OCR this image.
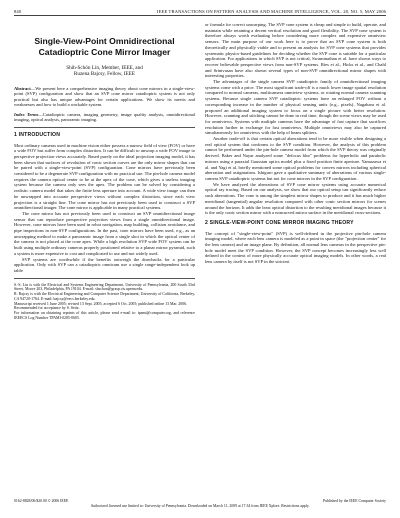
840	IEEE TRANSACTIONS ON PATTERN ANALYSIS AND MACHINE INTELLIGENCE, VOL. 28, NO. 5, MAY 2006
Single-View-Point Omnidirectional Catadioptric Cone Mirror Imager
Shih-Schön Lin, Member, IEEE, and
Ruzena Bajcsy, Fellow, IEEE

Abstract—We present here a comprehensive imaging theory about cone mirrors in a single-view-point (SVP) configuration and show that an SVP cone mirror catadioptric system is not only practical but also has unique advantages for certain applications. We show its merits and weaknesses and how to build a workable system.

Index Terms—Catadioptric camera, imaging geometry, image quality analysis, omnidirectional imaging, optical analysis, panoramic imaging.

1 INTRODUCTION

Most ordinary cameras used in machine vision either possess a narrow field of view (FOV) or have a wide FOV but suffer from complex distortion. It can be difficult to unwrap a wide FOV image to perspective projection views accurately. Based purely on the ideal projection imaging model, it has been shown that surfaces of revolution of conic section curves are the only mirror shapes that can be paired with a single-view-point (SVP) configuration. Cone mirrors have previously been considered to be a degenerate SVP configuration with no practical use. The pin-hole camera model requires the camera optical center to be at the apex of the cone, which gives a useless imaging system because the camera only sees the apex. The problem can be solved by considering a realistic camera model that takes the finite lens aperture into account. A wide view image can then be unwrapped into accurate perspective views without complex distortion, since each view projection is a straight line. The cone mirror has not previously been used to construct a SVP omnidirectional imager. The cone mirror is applicable in many practical systems.

The cone mirror has not previously been used to construct an SVP omnidirectional image sensor that can reproduce perspective projection views from a single omnidirectional image. However, cone mirrors have been used in robot navigation, map building, collision avoidance, and pipe inspections in non-SVP configurations. In the past, cone mirrors have been used, e.g., as an unwrapping method to make a panoramic image from a single shot in which the optical center of the camera is not placed at the cone apex. While a high resolution SVP wide FOV system can be built using multiple ordinary cameras properly positioned relative to a planar mirror pyramid, such a system is more expensive to cost and complicated to use and not widely used.

SVP systems are worthwhile if the benefits outweigh the drawbacks for a particular application. Only with SVP can a catadioptric omnicam use a single range-independent look up table

S.-S. Lin is with the Electrical and Systems Engineering Department, University of Pennsylvania, 200 South 33rd Street, Moore 203, Philadelphia, PA 19104. E-mail: shschon@grasp.cis.upenn.edu.
R. Bajcsy is with the Electrical Engineering and Computer Science Department, University of California, Berkeley, CA 94720-1764. E-mail: bajcsy@eecs.berkeley.edu.
Manuscript received 1 June 2005; revised 13 Sept. 2005; accepted 6 Oct. 2005; published online 13 Mar. 2006.
Recommended for acceptance by S. Seitz.
For information on obtaining reprints of this article, please send e-mail to: tpami@computer.org, and reference IEEECS Log Number TPAMI-0285-0605.

or formula for correct unwarping. The SVP cone system is cheap and simple to build, operate, and maintain while retaining a decent vertical resolution and good flexibility. The SVP cone system is therefore always worth evaluating before considering more complex and expensive omniview sensors. The main purpose of our work here is to prove that an SVP cone system is both theoretically and physically viable and to present an analysis for SVP cone systems that provides systematic physics-based guidelines for deciding whether the SVP cone is suitable for a particular application. For applications in which SVP is not critical, Swaminathan et al. have shown ways to recover believable perspective views from non-SVP systems. Ries et al., Hicks et al., and Chahl and Srinivasan have also shown several types of non-SVP omnidirectional mirror shapes with interesting properties.

The advantages of the single camera SVP catadioptric family of omnidirectional imaging systems come with a price. The most significant trade-off is a much lower image spatial resolution compared to normal cameras, multicamera omniview systems, or rotating normal camera scanning systems. Because single camera SVP catadioptric systems have an enlarged FOV without a corresponding increase in the number of physical sensing units (e.g., pixels), Nagahara et al. proposed an additional imaging system to focus on a single picture with better resolution. However, scanning and stitching cannot be done in real time, though the scene views may be used for omniviews. Systems with multiple cameras have the advantage of fast capture that sacrifices resolution further in exchange for fast omniviews. Multiple omniviews may also be captured simultaneously for omniviews with the help of beam splitters.

Another trade-off is that certain optical aberrations tend to be more visible when designing a real optical system that conforms to the SVP condition. However, the analysis of this problem cannot be performed under the pin-hole camera model from which the SVP theory was originally derived. Baker and Nayar analyzed some "defocus blur" problems for hyperbolic and parabolic mirrors using a paraxial Gaussian optics model plus a fixed position finite aperture. Yamazawa et al. and Yagi et al. briefly mentioned some optical problems for convex mirrors including spherical aberration and astigmatism. Ishiguro gave a qualitative summary of aberrations of various single-camera SVP catadioptric systems but not for cone mirrors in the SVP configuration.

We have analyzed the aberrations of SVP cone mirror systems using accurate numerical optical ray tracing. Based on our analysis, we show that our optical setup can significantly reduce such aberrations. The cone is among the simplest mirror shapes to produce and it has much higher meridional (tangential) angular resolution compared with other conic section mirrors for scenes around the horizon. It adds the least optical distortion to the resulting meridional images because it is the only conic section mirror with a noncurved mirror surface in the meridional cross-sections.

2 SINGLE-VIEW-POINT CONE MIRROR IMAGING THEORY

The concept of "single-view-point" (SVP) is well-defined in the projective pin-hole camera imaging model, where each lens camera is modeled as a point in space (the "projection center" for the lens camera) and an image plane. By definition, all normal lens cameras in the perspective pin-hole model meet the SVP condition. However, the SVP concept becomes increasingly less well defined in the context of more physically accurate optical imaging models. In other words, a real lens camera by itself is not SVP in the strictest

0162-8828/06/$20.00 © 2006 IEEE	Published by the IEEE Computer Society
Authorized licensed use limited to: University of Pennsylvania. Downloaded on March 11, 2009 at 17:34 from IEEE Xplore. Restrictions apply.
